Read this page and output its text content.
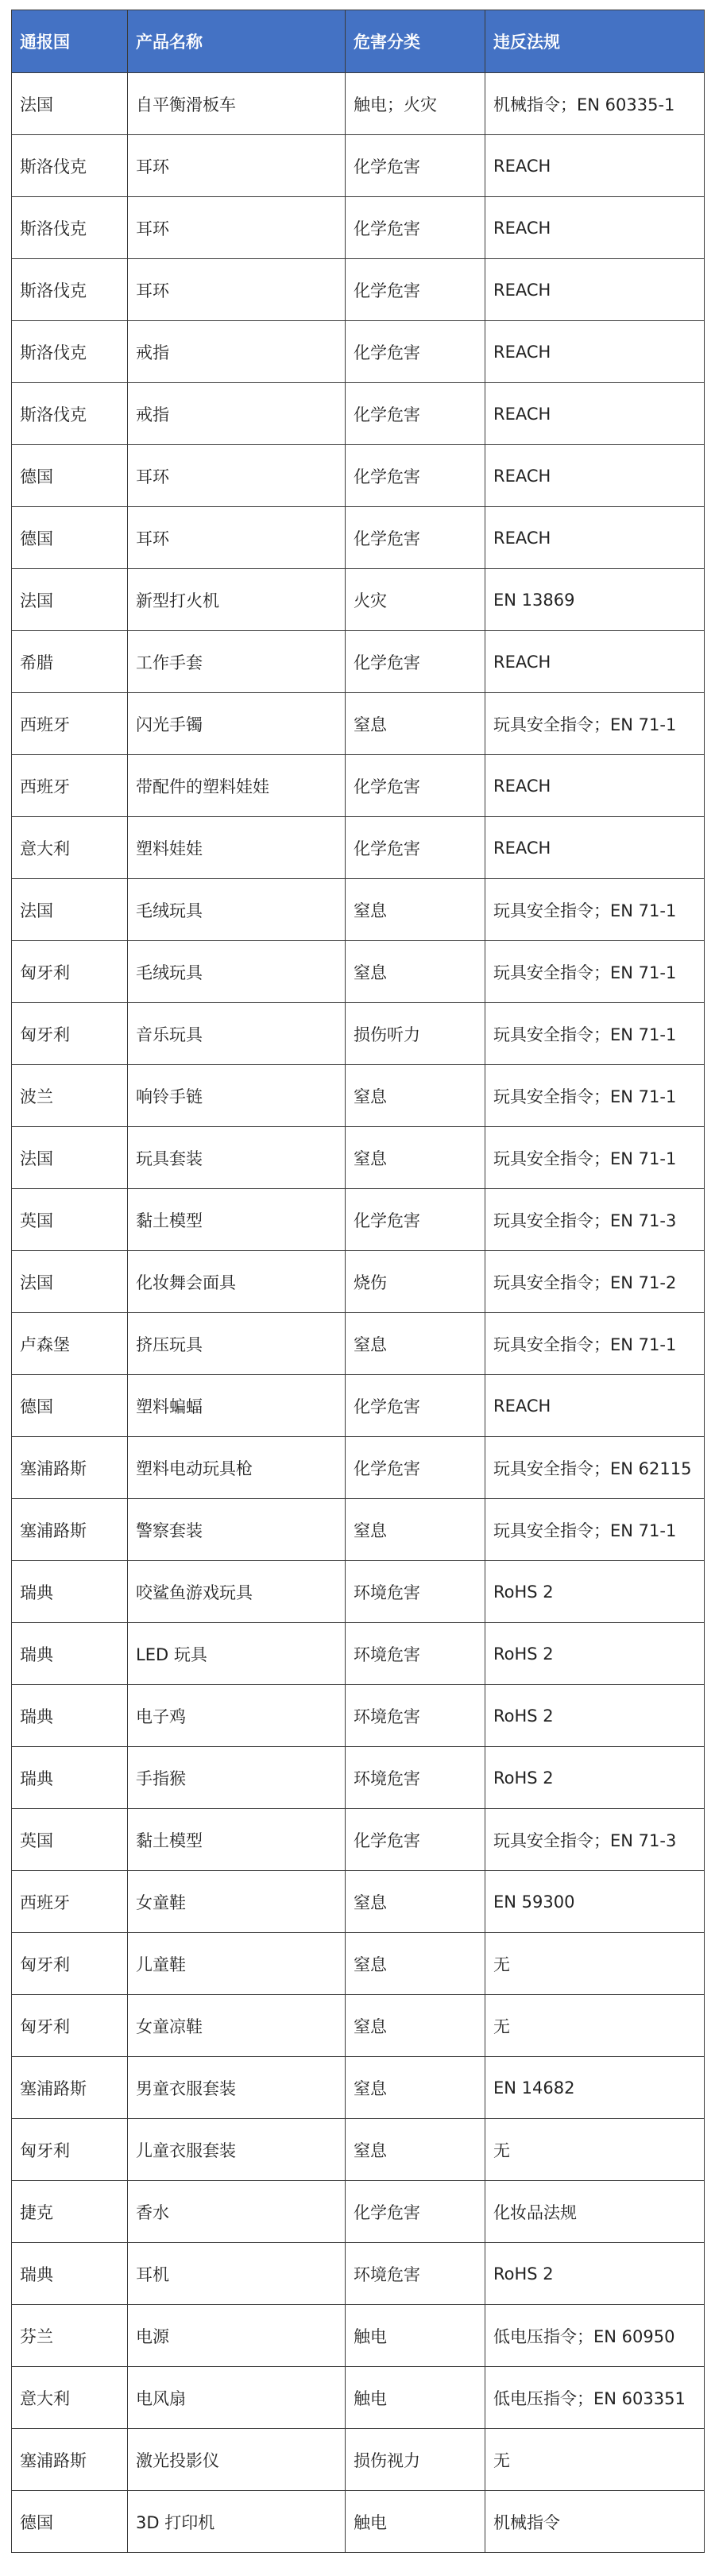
通报国	产品名称	危害分类	违反法规
法国	自平衡滑板车	触电；火灾	机械指令；EN 60335-1
斯洛伐克	耳环	化学危害	REACH
斯洛伐克	耳环	化学危害	REACH
斯洛伐克	耳环	化学危害	REACH
斯洛伐克	戒指	化学危害	REACH
斯洛伐克	戒指	化学危害	REACH
德国	耳环	化学危害	REACH
德国	耳环	化学危害	REACH
法国	新型打火机	火灾	EN 13869
希腊	工作手套	化学危害	REACH
西班牙	闪光手镯	窒息	玩具安全指令；EN 71-1
西班牙	带配件的塑料娃娃	化学危害	REACH
意大利	塑料娃娃	化学危害	REACH
法国	毛绒玩具	窒息	玩具安全指令；EN 71-1
匈牙利	毛绒玩具	窒息	玩具安全指令；EN 71-1
匈牙利	音乐玩具	损伤听力	玩具安全指令；EN 71-1
波兰	响铃手链	窒息	玩具安全指令；EN 71-1
法国	玩具套装	窒息	玩具安全指令；EN 71-1
英国	黏土模型	化学危害	玩具安全指令；EN 71-3
法国	化妆舞会面具	烧伤	玩具安全指令；EN 71-2
卢森堡	挤压玩具	窒息	玩具安全指令；EN 71-1
德国	塑料蝙蝠	化学危害	REACH
塞浦路斯	塑料电动玩具枪	化学危害	玩具安全指令；EN 62115
塞浦路斯	警察套装	窒息	玩具安全指令；EN 71-1
瑞典	咬鲨鱼游戏玩具	环境危害	RoHS 2
瑞典	LED 玩具	环境危害	RoHS 2
瑞典	电子鸡	环境危害	RoHS 2
瑞典	手指猴	环境危害	RoHS 2
英国	黏土模型	化学危害	玩具安全指令；EN 71-3
西班牙	女童鞋	窒息	EN 59300
匈牙利	儿童鞋	窒息	无
匈牙利	女童凉鞋	窒息	无
塞浦路斯	男童衣服套装	窒息	EN 14682
匈牙利	儿童衣服套装	窒息	无
捷克	香水	化学危害	化妆品法规
瑞典	耳机	环境危害	RoHS 2
芬兰	电源	触电	低电压指令；EN 60950
意大利	电风扇	触电	低电压指令；EN 603351
塞浦路斯	激光投影仪	损伤视力	无
德国	3D 打印机	触电	机械指令
